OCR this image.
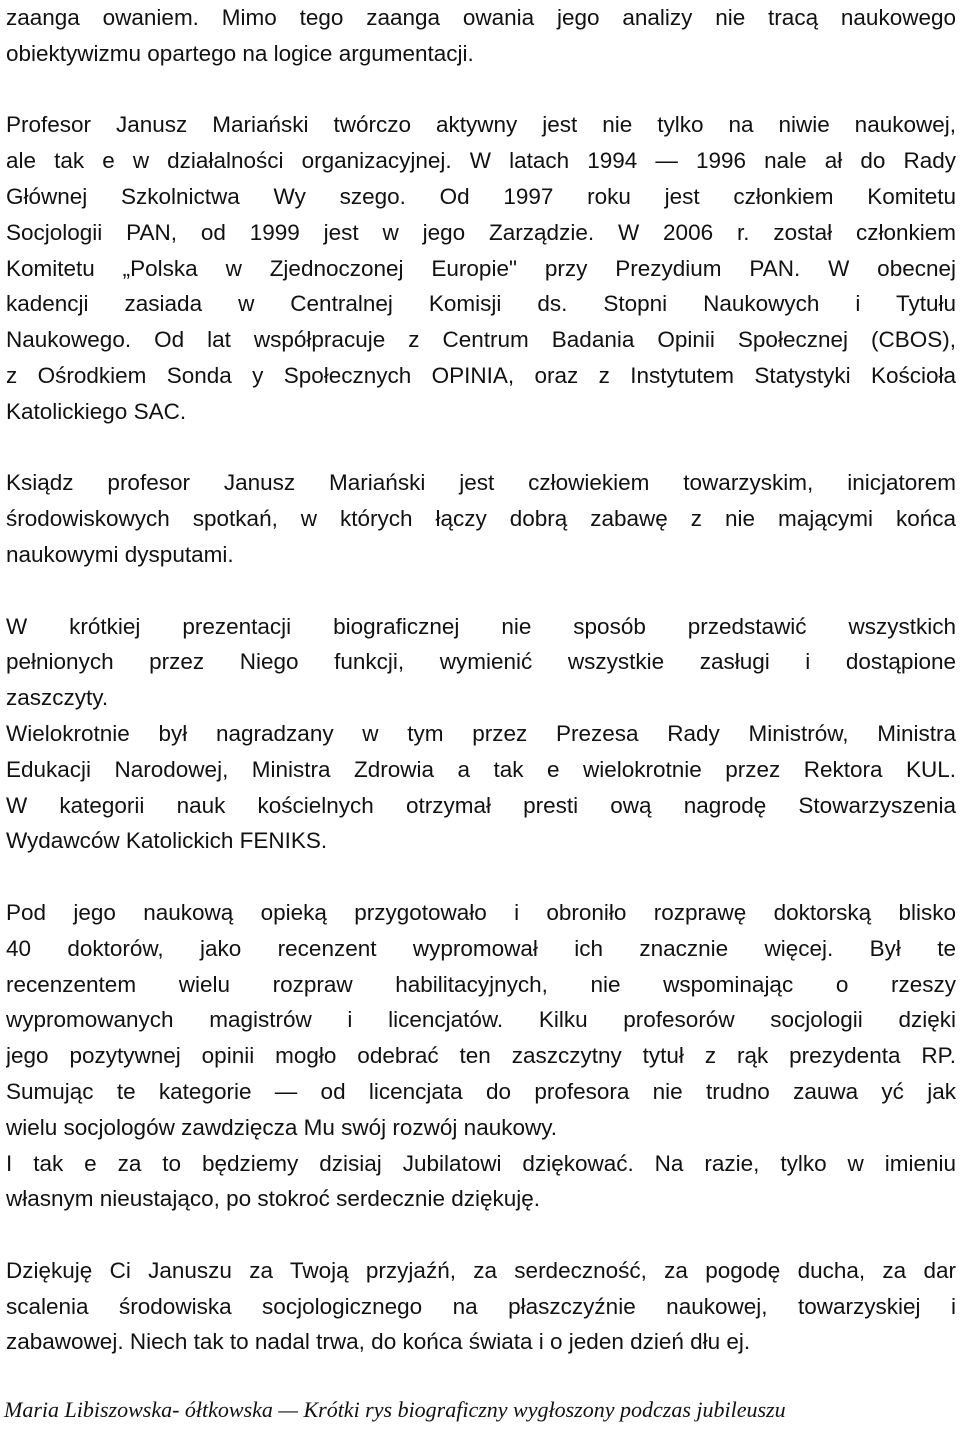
zaanga owaniem. Mimo tego zaanga owania jego analizy nie tracą naukowego
obiektywizmu opartego na logice argumentacji.
Profesor Janusz Mariański twórczo aktywny jest nie tylko na niwie naukowej,
ale tak e w działalności organizacyjnej. W latach 1994 — 1996 nale ał do Rady
Głównej Szkolnictwa Wy szego. Od 1997 roku jest członkiem Komitetu
Socjologii PAN, od 1999 jest w jego Zarządzie. W 2006 r. został członkiem
Komitetu „Polska w Zjednoczonej Europie" przy Prezydium PAN. W obecnej
kadencji zasiada w Centralnej Komisji ds. Stopni Naukowych i Tytułu
Naukowego. Od lat współpracuje z Centrum Badania Opinii Społecznej (CBOS),
z Ośrodkiem Sonda y Społecznych OPINIA, oraz z Instytutem Statystyki Kościoła
Katolickiego SAC.
Ksiądz profesor Janusz Mariański jest człowiekiem towarzyskim, inicjatorem
środowiskowych spotkań, w których łączy dobrą zabawę z nie mającymi końca
naukowymi dysputami.
W krótkiej prezentacji biograficznej nie sposób przedstawić wszystkich
pełnionych przez Niego funkcji, wymienić wszystkie zasługi i dostąpione
zaszczyty.
Wielokrotnie był nagradzany w tym przez Prezesa Rady Ministrów, Ministra
Edukacji Narodowej, Ministra Zdrowia a tak e wielokrotnie przez Rektora KUL.
W kategorii nauk kościelnych otrzymał presti ową nagrodę Stowarzyszenia
Wydawców Katolickich FENIKS.
Pod jego naukową opieką przygotowało i obroniło rozprawę doktorską blisko
40 doktorów, jako recenzent wypromował ich znacznie więcej. Był te
recenzentem wielu rozpraw habilitacyjnych, nie wspominając o rzeszy
wypromowanych magistrów i licencjatów. Kilku profesorów socjologii dzięki
jego pozytywnej opinii mogło odebrać ten zaszczytny tytuł z rąk prezydenta RP.
Sumując te kategorie — od licencjata do profesora nie trudno zauwa yć jak
wielu socjologów zawdzięcza Mu swój rozwój naukowy.
I tak e za to będziemy dzisiaj Jubilatowi dziękować. Na razie, tylko w imieniu
własnym nieustająco, po stokroć serdecznie dziękuję.
Dziękuję Ci Januszu za Twoją przyjaźń, za serdeczność, za pogodę ducha, za dar
scalenia środowiska socjologicznego na płaszczyźnie naukowej, towarzyskiej i
zabawowej. Niech tak to nadal trwa, do końca świata i o jeden dzień dłu ej.
Maria Libiszowska- ółtkowska — Krótki rys biograficzny wygłoszony podczas jubileuszu
